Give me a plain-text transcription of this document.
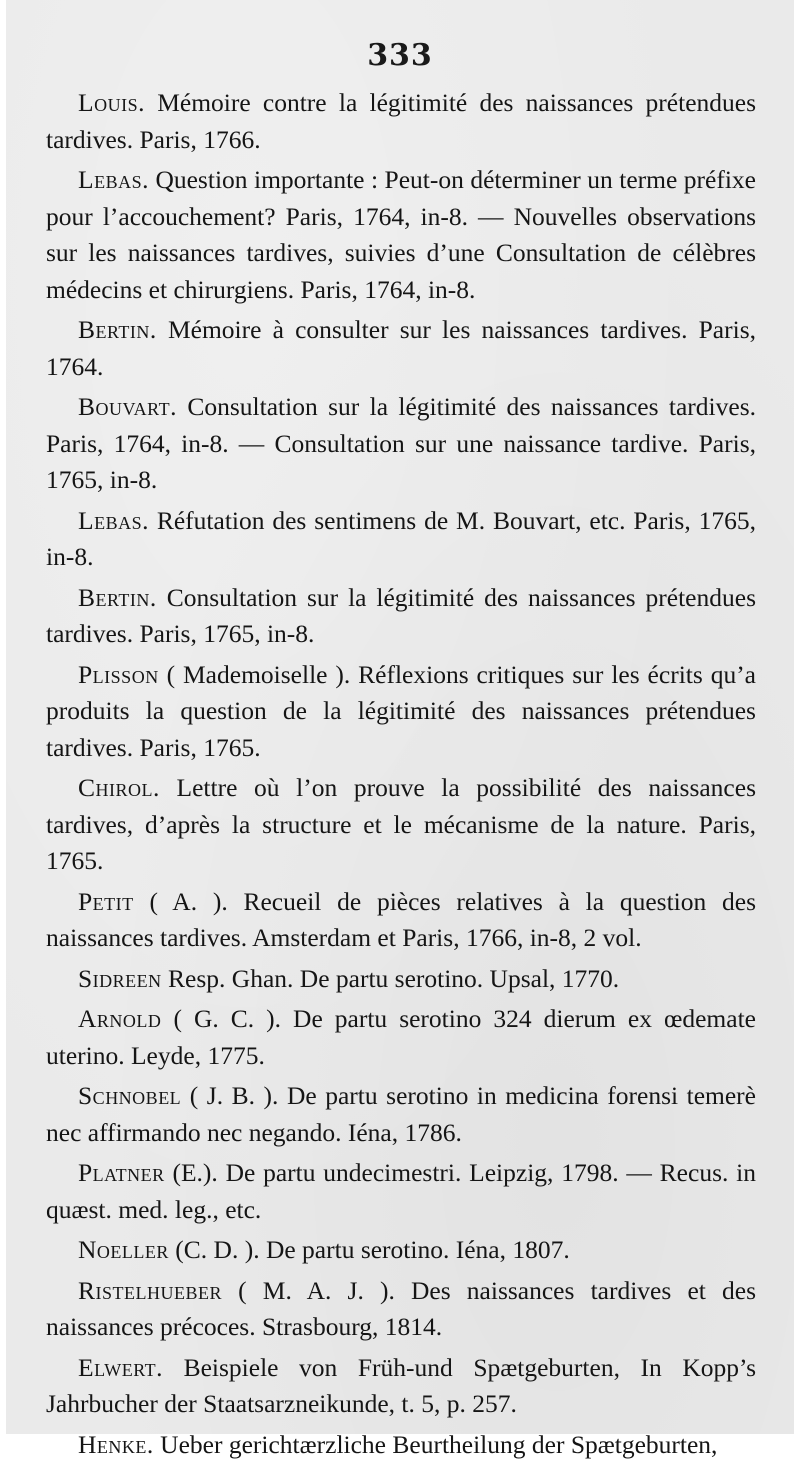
333

Louis. Mémoire contre la légitimité des naissances prétendues tardives. Paris, 1766.

Lebas. Question importante : Peut-on déterminer un terme préfixe pour l’accouchement? Paris, 1764, in-8. — Nouvelles observations sur les naissances tardives, suivies d’une Consultation de célèbres médecins et chirurgiens. Paris, 1764, in-8.

Bertin. Mémoire à consulter sur les naissances tardives. Paris, 1764.

Bouvart. Consultation sur la légitimité des naissances tardives. Paris, 1764, in-8. — Consultation sur une naissance tardive. Paris, 1765, in-8.

Lebas. Réfutation des sentimens de M. Bouvart, etc. Paris, 1765, in-8.

Bertin. Consultation sur la légitimité des naissances prétendues tardives. Paris, 1765, in-8.

Plisson ( Mademoiselle ). Réflexions critiques sur les écrits qu’a produits la question de la légitimité des naissances prétendues tardives. Paris, 1765.

Chirol. Lettre où l’on prouve la possibilité des naissances tardives, d’après la structure et le mécanisme de la nature. Paris, 1765.

Petit ( A. ). Recueil de pièces relatives à la question des naissances tardives. Amsterdam et Paris, 1766, in-8, 2 vol.

Sidreen Resp. Ghan. De partu serotino. Upsal, 1770.

Arnold ( G. C. ). De partu serotino 324 dierum ex œdemate uterino. Leyde, 1775.

Schnobel ( J. B. ). De partu serotino in medicina forensi temerè nec affirmando nec negando. Iéna, 1786.

Platner (E.). De partu undecimestri. Leipzig, 1798. — Recus. in quæst. med. leg., etc.

Noeller (C. D. ). De partu serotino. Iéna, 1807.

Ristelhueber ( M. A. J. ). Des naissances tardives et des naissances précoces. Strasbourg, 1814.

Elwert. Beispiele von Früh-und Spætgeburten, In Kopp’s Jahrbucher der Staatsarzneikunde, t. 5, p. 257.

Henke. Ueber gerichtærzliche Beurtheilung der Spætgeburten,
